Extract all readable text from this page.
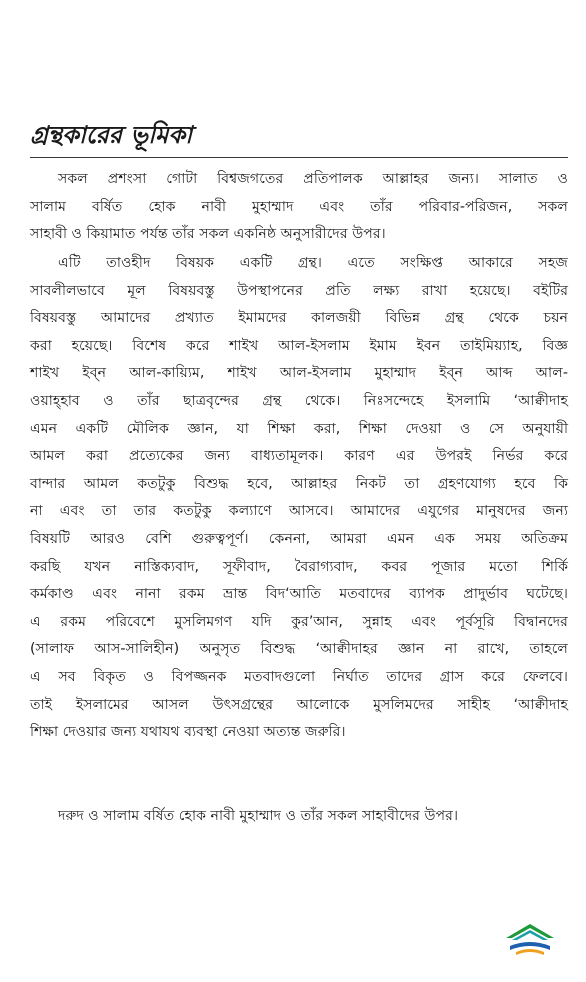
গ্রন্থকারের ভূমিকা
সকল প্রশংসা গোটা বিশ্বজগতের প্রতিপালক আল্লাহর জন্য। সালাত ও
সালাম বর্ষিত হোক নাবী মুহাম্মাদ এবং তাঁর পরিবার-পরিজন, সকল
সাহাবী ও কিয়ামাত পর্যন্ত তাঁর সকল একনিষ্ঠ অনুসারীদের উপর।
এটি তাওহীদ বিষয়ক একটি গ্রন্থ। এতে সংক্ষিপ্ত আকারে সহজ
সাবলীলভাবে মূল বিষয়বস্তু উপস্থাপনের প্রতি লক্ষ্য রাখা হয়েছে। বইটির
বিষয়বস্তু আমাদের প্রখ্যাত ইমামদের কালজয়ী বিভিন্ন গ্রন্থ থেকে চয়ন
করা হয়েছে। বিশেষ করে শাইখ আল-ইসলাম ইমাম ইবন তাইমিয়্যাহ, বিজ্ঞ
শাইখ ইব্‌ন আল-কায়্যিম, শাইখ আল-ইসলাম মুহাম্মাদ ইব্‌ন আব্দ আল-
ওয়াহ্‌হাব ও তাঁর ছাত্রবৃন্দের গ্রন্থ থেকে। নিঃসন্দেহে ইসলামি ‘আক্বীদাহ
এমন একটি মৌলিক জ্ঞান, যা শিক্ষা করা, শিক্ষা দেওয়া ও সে অনুযায়ী
আমল করা প্রত্যেকের জন্য বাধ্যতামূলক। কারণ এর উপরই নির্ভর করে
বান্দার আমল কতটুকু বিশুদ্ধ হবে, আল্লাহর নিকট তা গ্রহণযোগ্য হবে কি
না এবং তা তার কতটুকু কল্যাণে আসবে। আমাদের এযুগের মানুষদের জন্য
বিষয়টি আরও বেশি গুরুত্বপূর্ণ। কেননা, আমরা এমন এক সময় অতিক্রম
করছি যখন নাস্তিক্যবাদ, সূফীবাদ, বৈরাগ্যবাদ, কবর পূজার মতো শির্কি
কর্মকাণ্ড এবং নানা রকম ভ্রান্ত বিদ‘আতি মতবাদের ব্যাপক প্রাদুর্ভাব ঘটেছে।
এ রকম পরিবেশে মুসলিমগণ যদি কুর’আন, সুন্নাহ এবং পূর্বসূরি বিদ্বানদের
(সালাফ আস-সালিহীন) অনুসৃত বিশুদ্ধ ‘আক্বীদাহর জ্ঞান না রাখে, তাহলে
এ সব বিকৃত ও বিপজ্জনক মতবাদগুলো নির্ঘাত তাদের গ্রাস করে ফেলবে।
তাই ইসলামের আসল উৎসগ্রন্থের আলোকে মুসলিমদের সাহীহ ‘আক্বীদাহ
শিক্ষা দেওয়ার জন্য যথাযথ ব্যবস্থা নেওয়া অত্যন্ত জরুরি।
দরুদ ও সালাম বর্ষিত হোক নাবী মুহাম্মাদ ও তাঁর সকল সাহাবীদের উপর।
